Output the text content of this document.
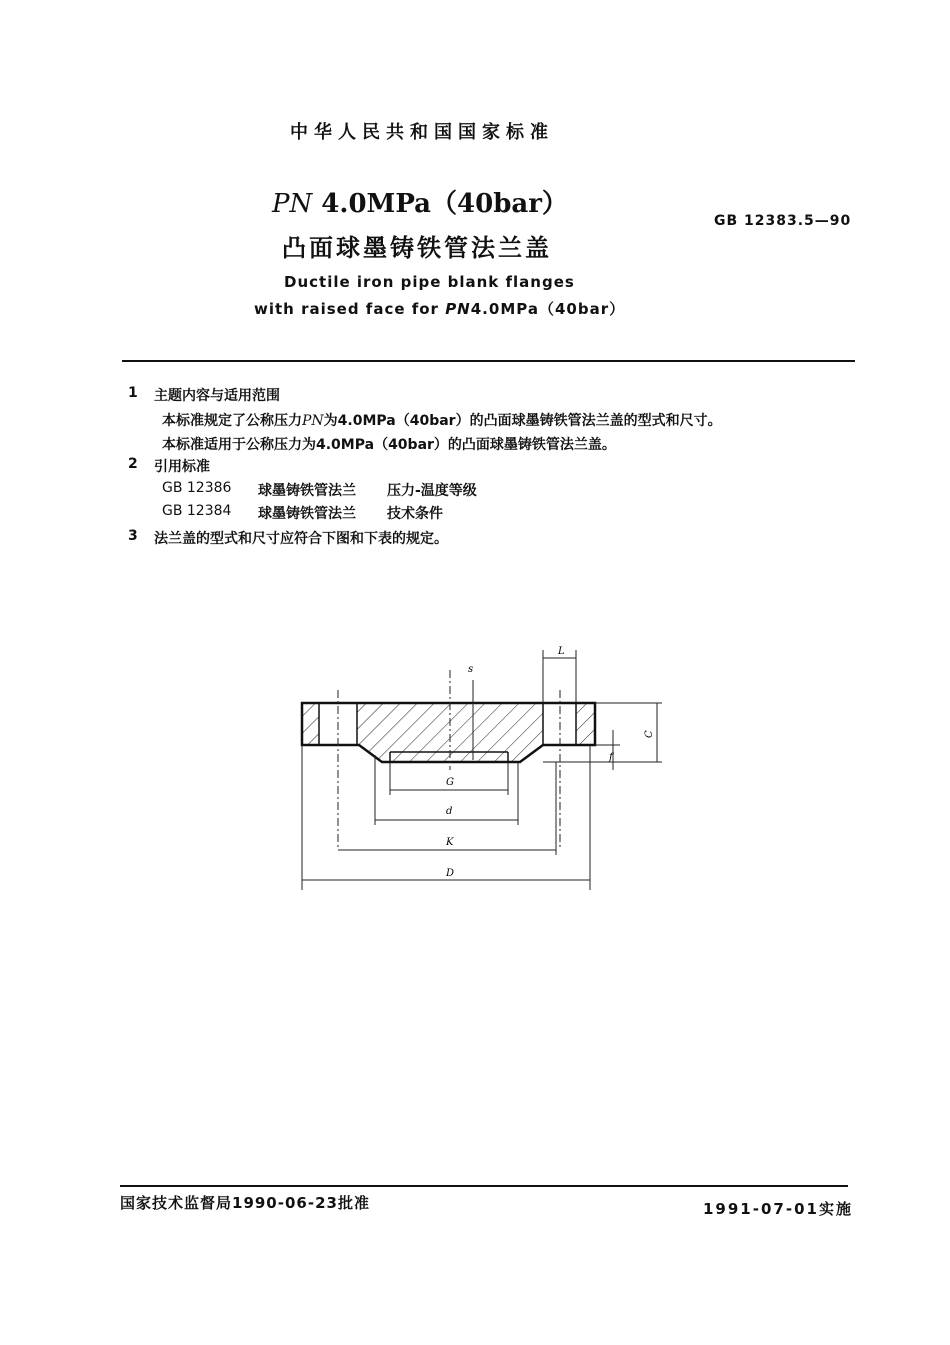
中华人民共和国国家标准
PN 4.0MPa（40bar）
GB 12383.5—90
凸面球墨铸铁管法兰盖
Ductile iron pipe blank flanges
with raised face for PN4.0MPa（40bar）
1 主题内容与适用范围
本标准规定了公称压力PN为4.0MPa（40bar）的凸面球墨铸铁管法兰盖的型式和尺寸。
本标准适用于公称压力为4.0MPa（40bar）的凸面球墨铸铁管法兰盖。
2 引用标准
GB 12386 球墨铸铁管法兰 压力-温度等级
GB 12384 球墨铸铁管法兰 技术条件
3 法兰盖的型式和尺寸应符合下图和下表的规定。
L
C
f
s
G
d
K
D
国家技术监督局1990-06-23批准	1991-07-01实施
